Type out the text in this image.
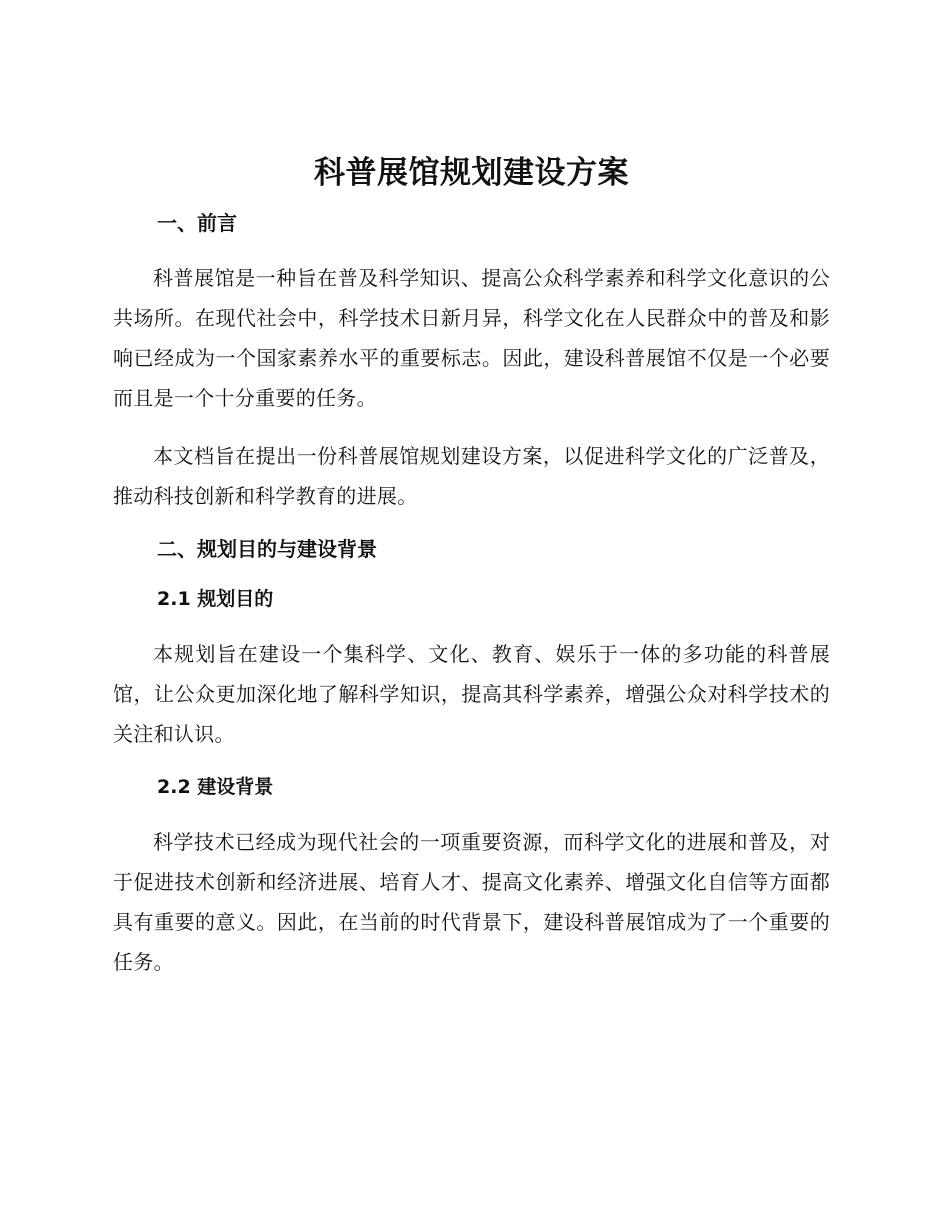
科普展馆规划建设方案
一、前言

科普展馆是一种旨在普及科学知识、提高公众科学素养和科学文化意识的公共场所。在现代社会中，科学技术日新月异，科学文化在人民群众中的普及和影响已经成为一个国家素养水平的重要标志。因此，建设科普展馆不仅是一个必要而且是一个十分重要的任务。

本文档旨在提出一份科普展馆规划建设方案，以促进科学文化的广泛普及，推动科技创新和科学教育的进展。

二、规划目的与建设背景
2.1 规划目的

本规划旨在建设一个集科学、文化、教育、娱乐于一体的多功能的科普展馆，让公众更加深化地了解科学知识，提高其科学素养，增强公众对科学技术的关注和认识。

2.2 建设背景

科学技术已经成为现代社会的一项重要资源，而科学文化的进展和普及，对于促进技术创新和经济进展、培育人才、提高文化素养、增强文化自信等方面都具有重要的意义。因此，在当前的时代背景下，建设科普展馆成为了一个重要的任务。
